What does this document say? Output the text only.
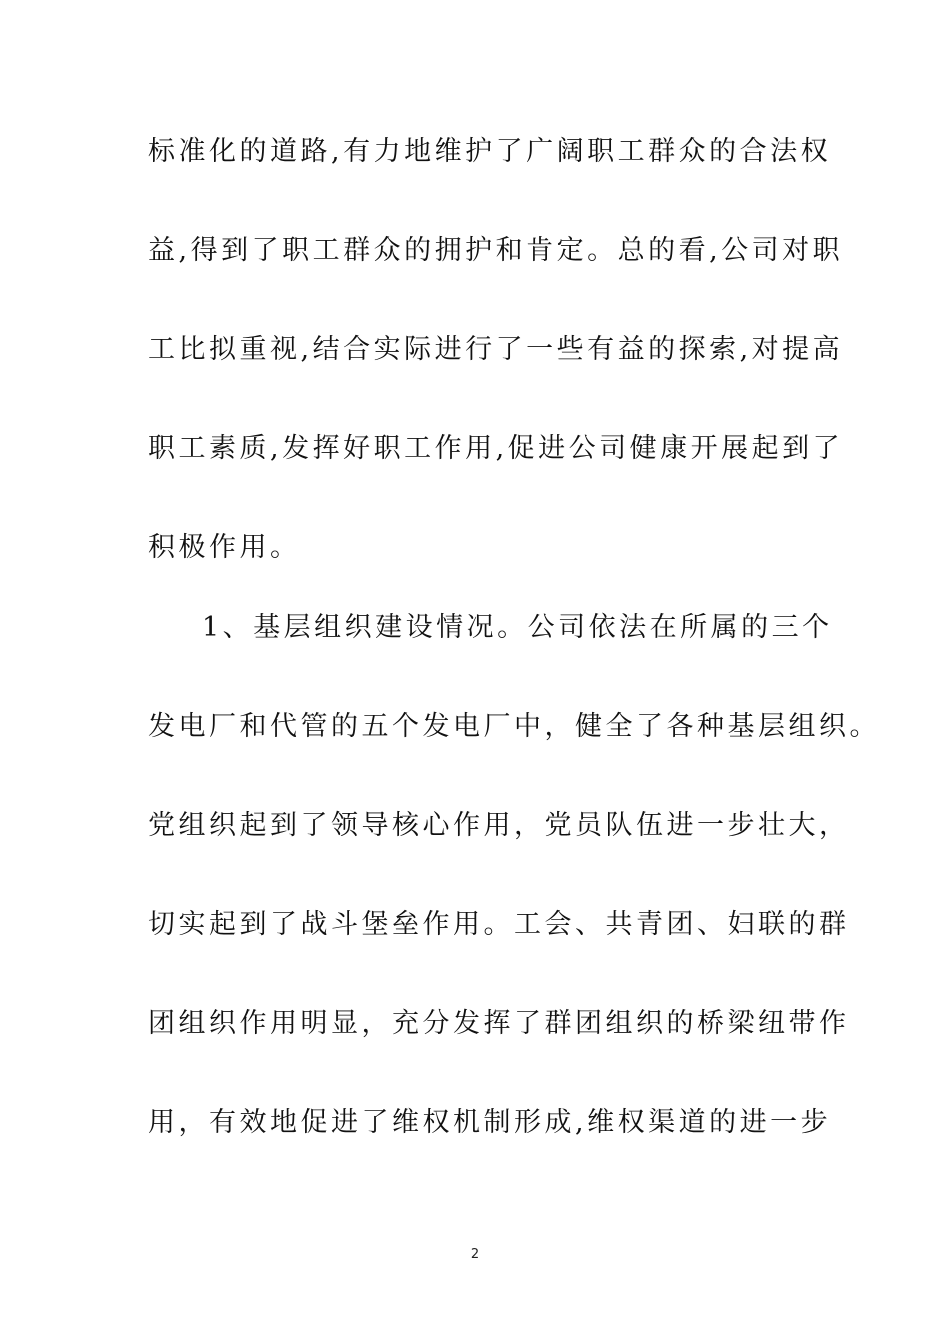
标准化的道路,有力地维护了广阔职工群众的合法权
益,得到了职工群众的拥护和肯定。总的看,公司对职
工比拟重视,结合实际进行了一些有益的探索,对提高
职工素质,发挥好职工作用,促进公司健康开展起到了
积极作用。
1、基层组织建设情况。公司依法在所属的三个
发电厂和代管的五个发电厂中，健全了各种基层组织。
党组织起到了领导核心作用，党员队伍进一步壮大，
切实起到了战斗堡垒作用。工会、共青团、妇联的群
团组织作用明显，充分发挥了群团组织的桥梁纽带作
用，有效地促进了维权机制形成,维权渠道的进一步
2
